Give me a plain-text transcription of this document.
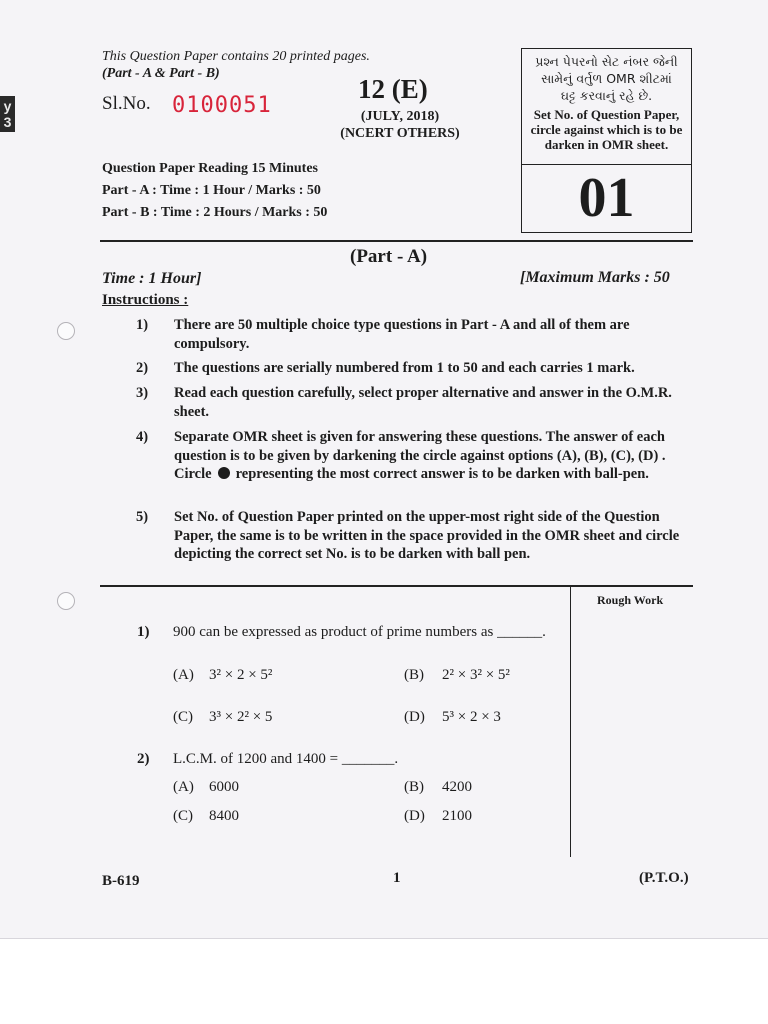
y
3
This Question Paper contains 20 printed pages.
(Part - A & Part - B)
Sl.No. 0100051
12 (E)
(JULY, 2018)
(NCERT OTHERS)
પ્રશ્ન પેપરનો સેટ નંબર જેની
સામેનું વર્તુળ OMR શીટમાં
ઘટ્ટ કરવાનું રહે છે.
Set No. of Question Paper,
circle against which is to be
darken in OMR sheet.
01
Question Paper Reading 15 Minutes
Part - A : Time : 1 Hour / Marks : 50
Part - B : Time : 2 Hours / Marks : 50
(Part - A)
Time : 1 Hour]	[Maximum Marks : 50
Instructions :
1)	There are 50 multiple choice type questions in Part - A and all of them are compulsory.
2)	The questions are serially numbered from 1 to 50 and each carries 1 mark.
3)	Read each question carefully, select proper alternative and answer in the O.M.R. sheet.
4)	Separate OMR sheet is given for answering these questions. The answer of each question is to be given by darkening the circle against options (A), (B), (C), (D) . Circle representing the most correct answer is to be darken with ball-pen.
5)	Set No. of Question Paper printed on the upper-most right side of the Question Paper, the same is to be written in the space provided in the OMR sheet and circle depicting the correct set No. is to be darken with ball pen.
Rough Work
1) 900 can be expressed as product of prime numbers as ______.
(A) 3² × 2 × 5²	(B) 2² × 3² × 5²
(C) 3³ × 2² × 5	(D) 5³ × 2 × 3
2) L.C.M. of 1200 and 1400 = _______.
(A) 6000	(B) 4200
(C) 8400	(D) 2100
B-619	1	(P.T.O.)
